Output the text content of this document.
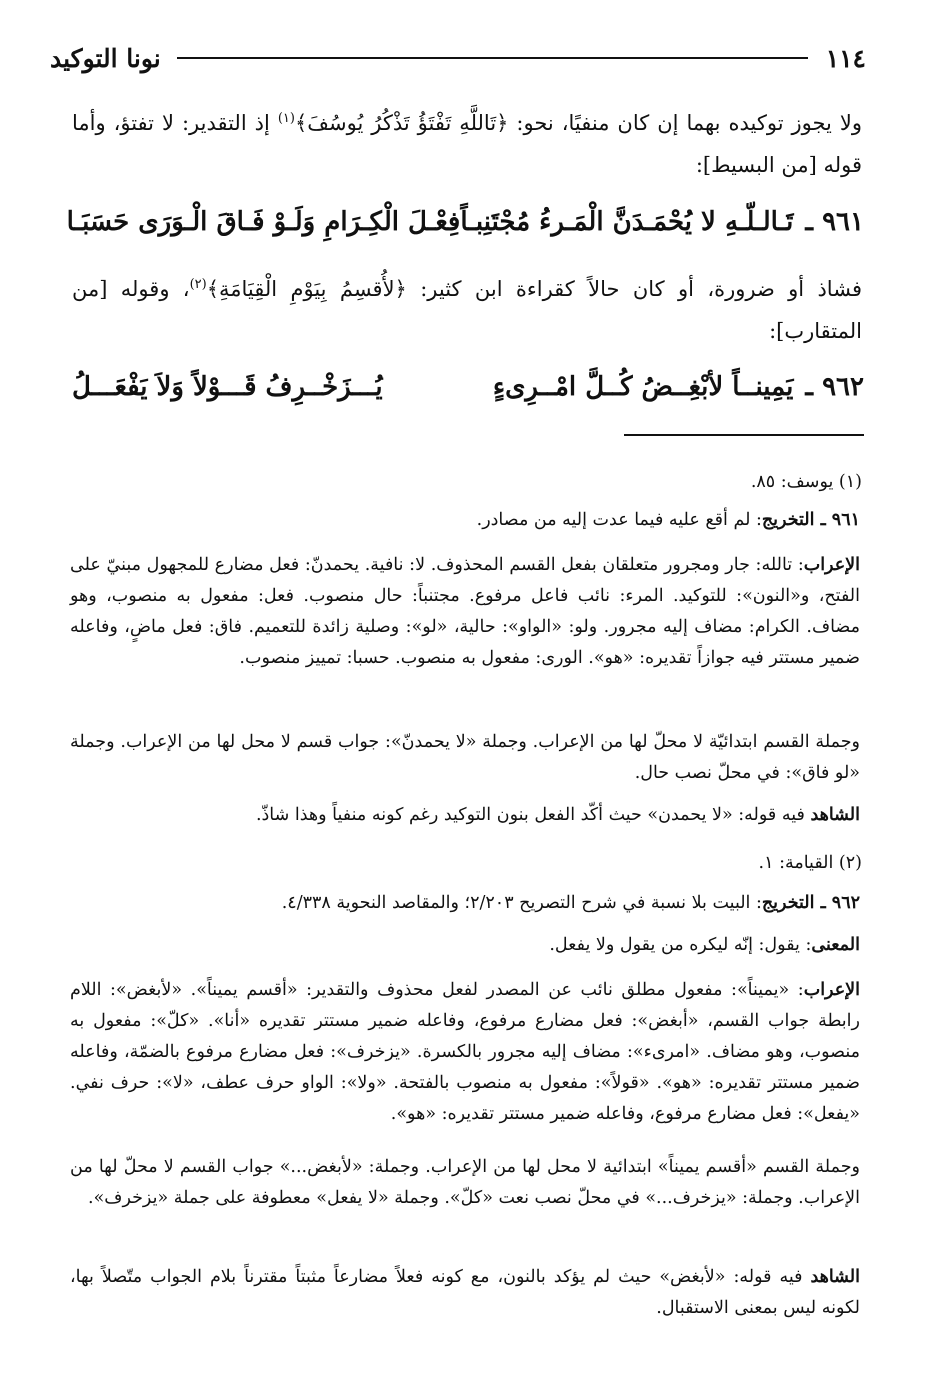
١١٤
نونا التوكيد
ولا يجوز توكيده بهما إن كان منفيًا، نحو: ﴿تَاللَّهِ تَفْتَؤُ تَذْكُرُ يُوسُفَ﴾$^{(١)}$ إذ التقدير: لا تفتؤ، وأما قوله [من البسيط]:
٩٦١ ـ
تَـالـلّـهِ لا يُحْمَـدَنَّ الْمَـرءُ مُجْتَنِبـاً
فِعْـلَ الْكِـرَامِ وَلَـوْ فَـاقَ الْـوَرَى حَسَبَـا
فشاذ أو ضرورة، أو كان حالاً كقراءة ابن كثير: ﴿لأُقسِمُ بِيَوْمِ الْقِيَامَةِ﴾$^{(٢)}$، وقوله [من المتقارب]:
٩٦٢ ـ
يَمِينــاً لأبْغِــضُ كُــلَّ امْــرِىءٍ
يُـــزَخْــرِفُ قَـــوْلاً وَلاَ يَفْعَـــلُ
(١) يوسف: ٨٥.
٩٦١ ـ التخريج: لم أقع عليه فيما عدت إليه من مصادر.
الإعراب: تالله: جار ومجرور متعلقان بفعل القسم المحذوف. لا: نافية. يحمدنّ: فعل مضارع للمجهول مبنيّ على الفتح، و«النون»: للتوكيد. المرء: نائب فاعل مرفوع. مجتنباً: حال منصوب. فعل: مفعول به منصوب، وهو مضاف. الكرام: مضاف إليه مجرور. ولو: «الواو»: حالية، «لو»: وصلية زائدة للتعميم. فاق: فعل ماضٍ، وفاعله ضمير مستتر فيه جوازاً تقديره: «هو». الورى: مفعول به منصوب. حسبا: تمييز منصوب.
وجملة القسم ابتدائيّة لا محلّ لها من الإعراب. وجملة «لا يحمدنّ»: جواب قسم لا محل لها من الإعراب. وجملة «لو فاق»: في محلّ نصب حال.
الشاهد فيه قوله: «لا يحمدن» حيث أكّد الفعل بنون التوكيد رغم كونه منفياً وهذا شاذّ.
(٢) القيامة: ١.
٩٦٢ ـ التخريج: البيت بلا نسبة في شرح التصريح ٢/٢٠٣؛ والمقاصد النحوية ٤/٣٣٨.
المعنى: يقول: إنّه ليكره من يقول ولا يفعل.
الإعراب: «يميناً»: مفعول مطلق نائب عن المصدر لفعل محذوف والتقدير: «أقسم يميناً». «لأبغض»: اللام رابطة جواب القسم، «أبغض»: فعل مضارع مرفوع، وفاعله ضمير مستتر تقديره «أنا». «كلّ»: مفعول به منصوب، وهو مضاف. «امرىء»: مضاف إليه مجرور بالكسرة. «يزخرف»: فعل مضارع مرفوع بالضمّة، وفاعله ضمير مستتر تقديره: «هو». «قولاً»: مفعول به منصوب بالفتحة. «ولا»: الواو حرف عطف، «لا»: حرف نفي. «يفعل»: فعل مضارع مرفوع، وفاعله ضمير مستتر تقديره: «هو».
وجملة القسم «أقسم يميناً» ابتدائية لا محل لها من الإعراب. وجملة: «لأبغض...» جواب القسم لا محلّ لها من الإعراب. وجملة: «يزخرف...» في محلّ نصب نعت «كلّ». وجملة «لا يفعل» معطوفة على جملة «يزخرف».
الشاهد فيه قوله: «لأبغض» حيث لم يؤكد بالنون، مع كونه فعلاً مضارعاً مثبتاً مقترناً بلام الجواب متّصلاً بها، لكونه ليس بمعنى الاستقبال.
